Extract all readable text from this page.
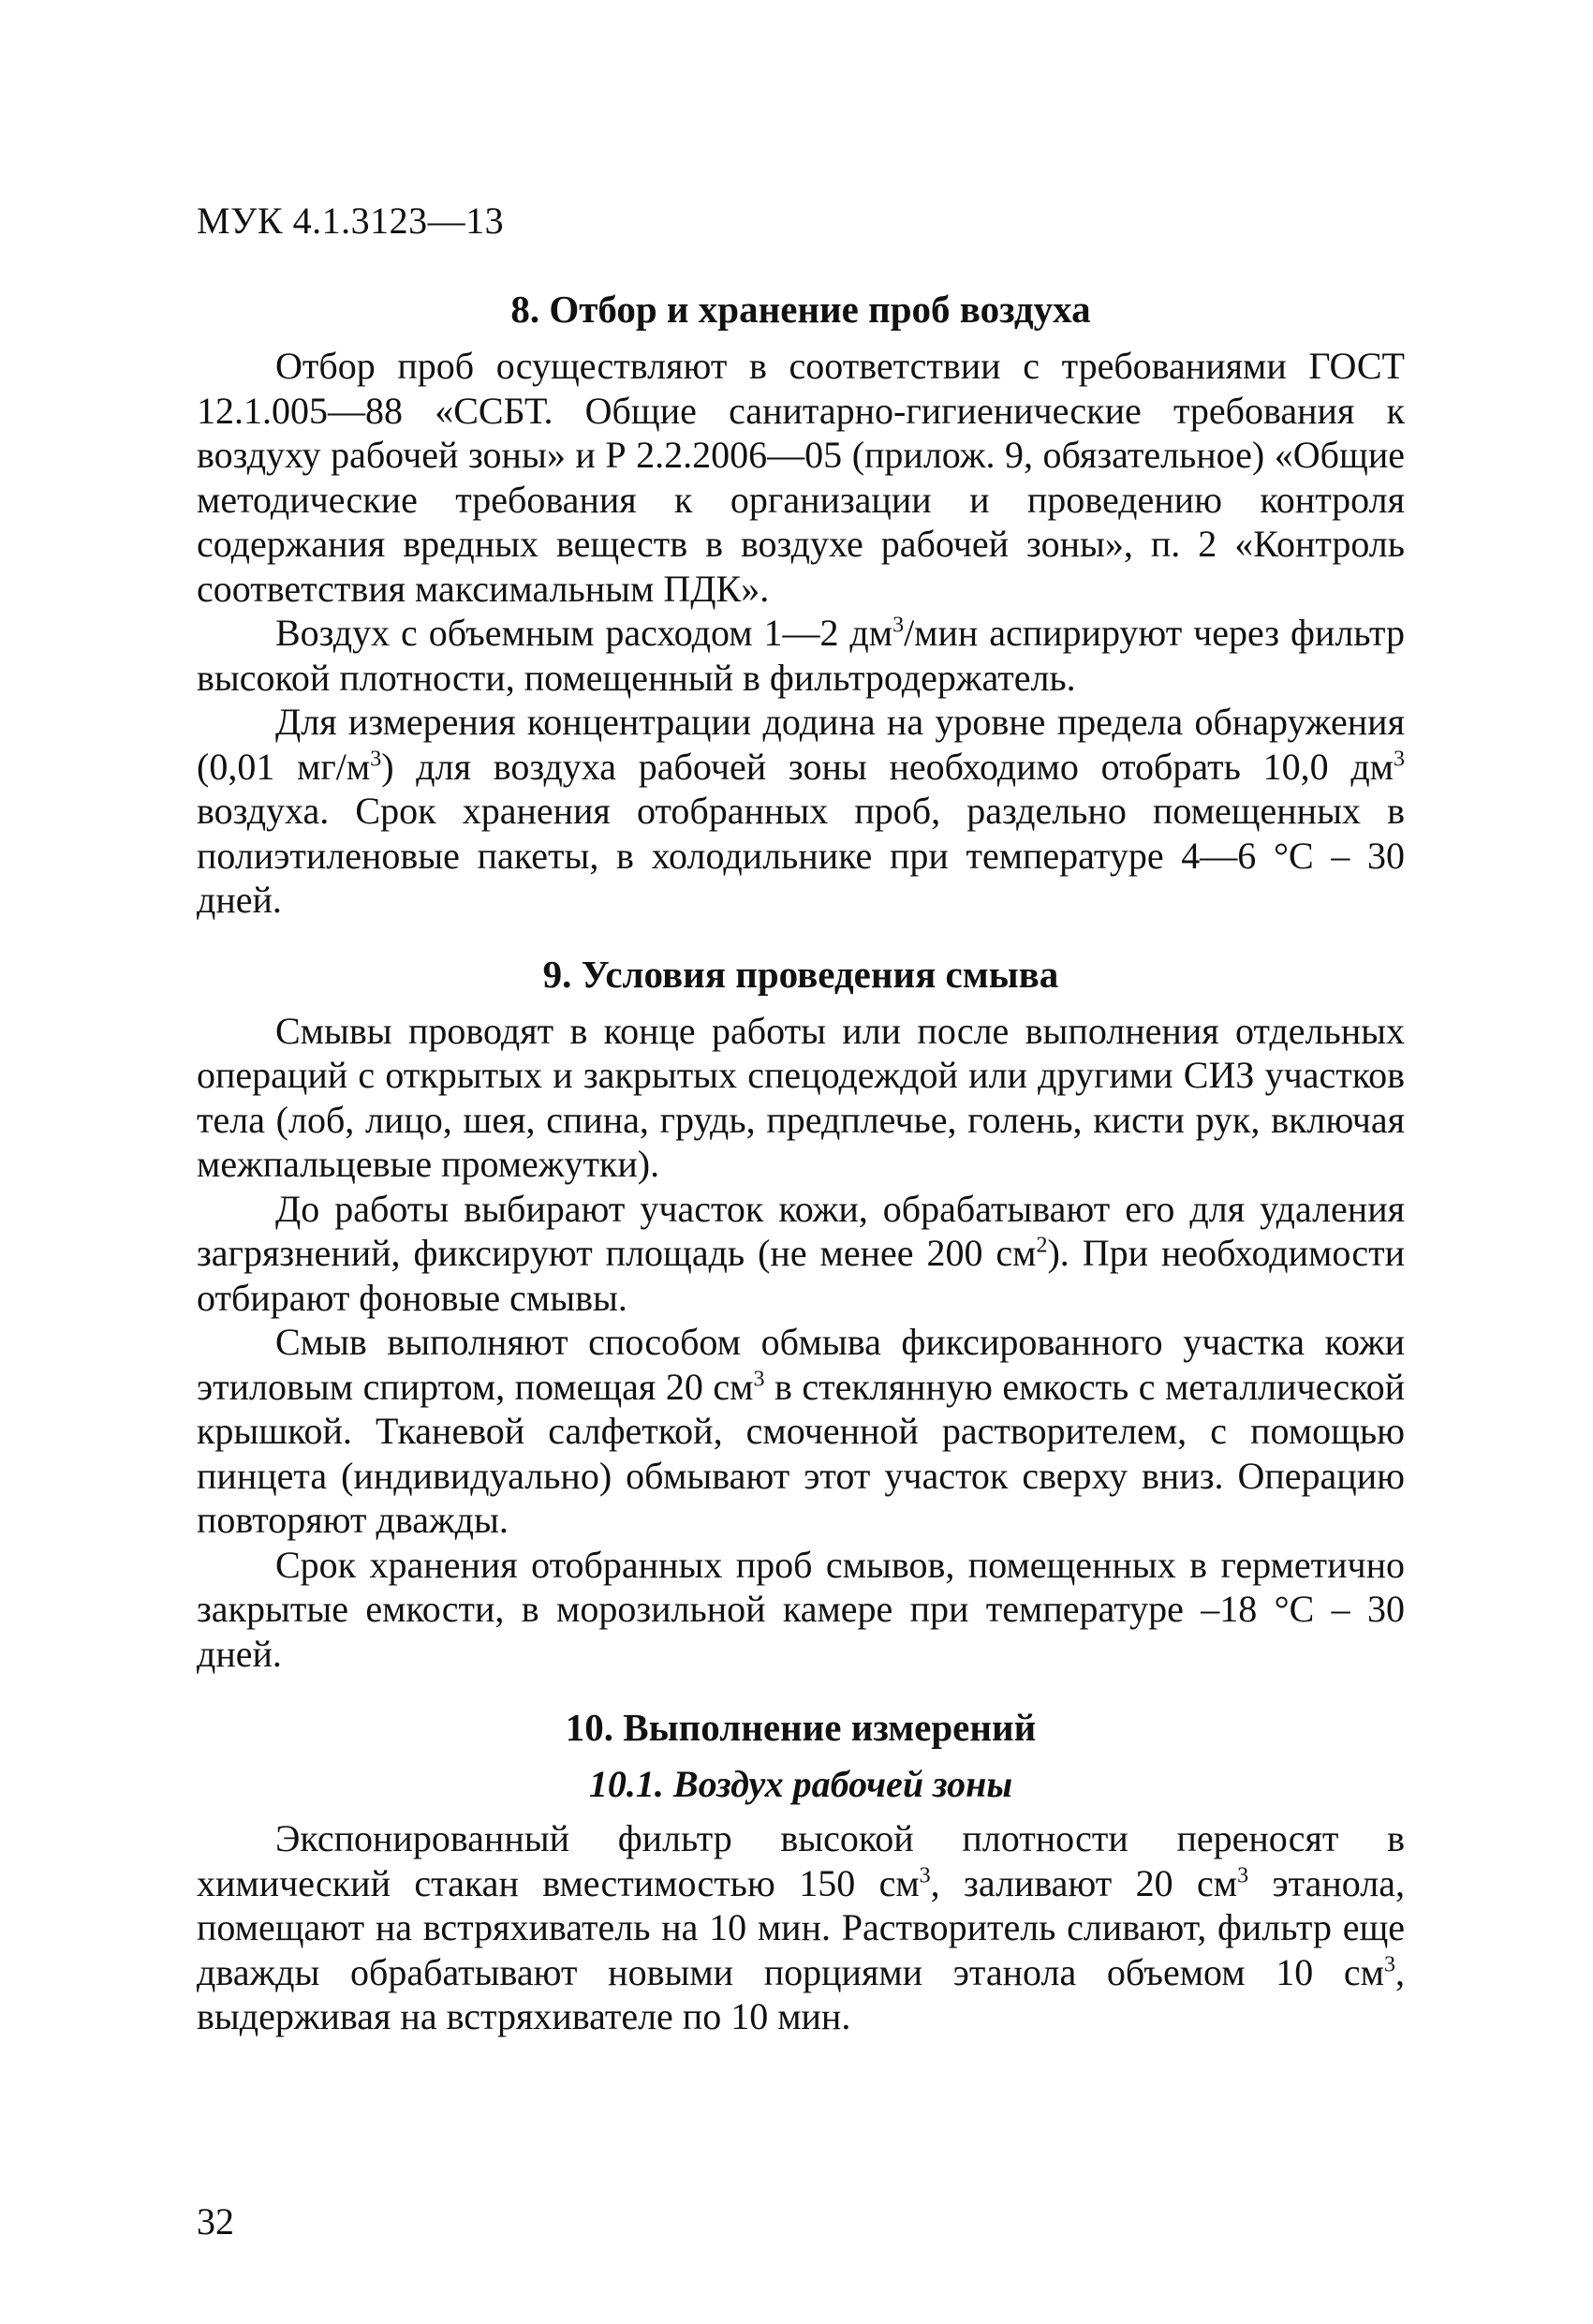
МУК 4.1.3123—13
8. Отбор и хранение проб воздуха

Отбор проб осуществляют в соответствии с требованиями ГОСТ 12.1.005—88 «ССБТ. Общие санитарно-гигиенические требования к воздуху рабочей зоны» и Р 2.2.2006—05 (прилож. 9, обязательное) «Общие методические требования к организации и проведению контроля содержания вредных веществ в воздухе рабочей зоны», п. 2 «Контроль соответствия максимальным ПДК».

Воздух с объемным расходом 1—2 $дм^3$/мин аспирируют через фильтр высокой плотности, помещенный в фильтродержатель.

Для измерения концентрации додина на уровне предела обнаружения (0,01 $мг/м^3$) для воздуха рабочей зоны необходимо отобрать 10,0 $дм^3$ воздуха. Срок хранения отобранных проб, раздельно помещенных в полиэтиленовые пакеты, в холодильнике при температуре 4—6 °С – 30 дней.

9. Условия проведения смыва

Смывы проводят в конце работы или после выполнения отдельных операций с открытых и закрытых спецодеждой или другими СИЗ участков тела (лоб, лицо, шея, спина, грудь, предплечье, голень, кисти рук, включая межпальцевые промежутки).

До работы выбирают участок кожи, обрабатывают его для удаления загрязнений, фиксируют площадь (не менее 200 $см^2$). При необходимости отбирают фоновые смывы.

Смыв выполняют способом обмыва фиксированного участка кожи этиловым спиртом, помещая 20 $см^3$ в стеклянную емкость с металлической крышкой. Тканевой салфеткой, смоченной растворителем, с помощью пинцета (индивидуально) обмывают этот участок сверху вниз. Операцию повторяют дважды.

Срок хранения отобранных проб смывов, помещенных в герметично закрытые емкости, в морозильной камере при температуре –18 °С – 30 дней.

10. Выполнение измерений
10.1. Воздух рабочей зоны

Экспонированный фильтр высокой плотности переносят в химический стакан вместимостью 150 $см^3$, заливают 20 $см^3$ этанола, помещают на встряхиватель на 10 мин. Растворитель сливают, фильтр еще дважды обрабатывают новыми порциями этанола объемом 10 $см^3$, выдерживая на встряхивателе по 10 мин.

32
